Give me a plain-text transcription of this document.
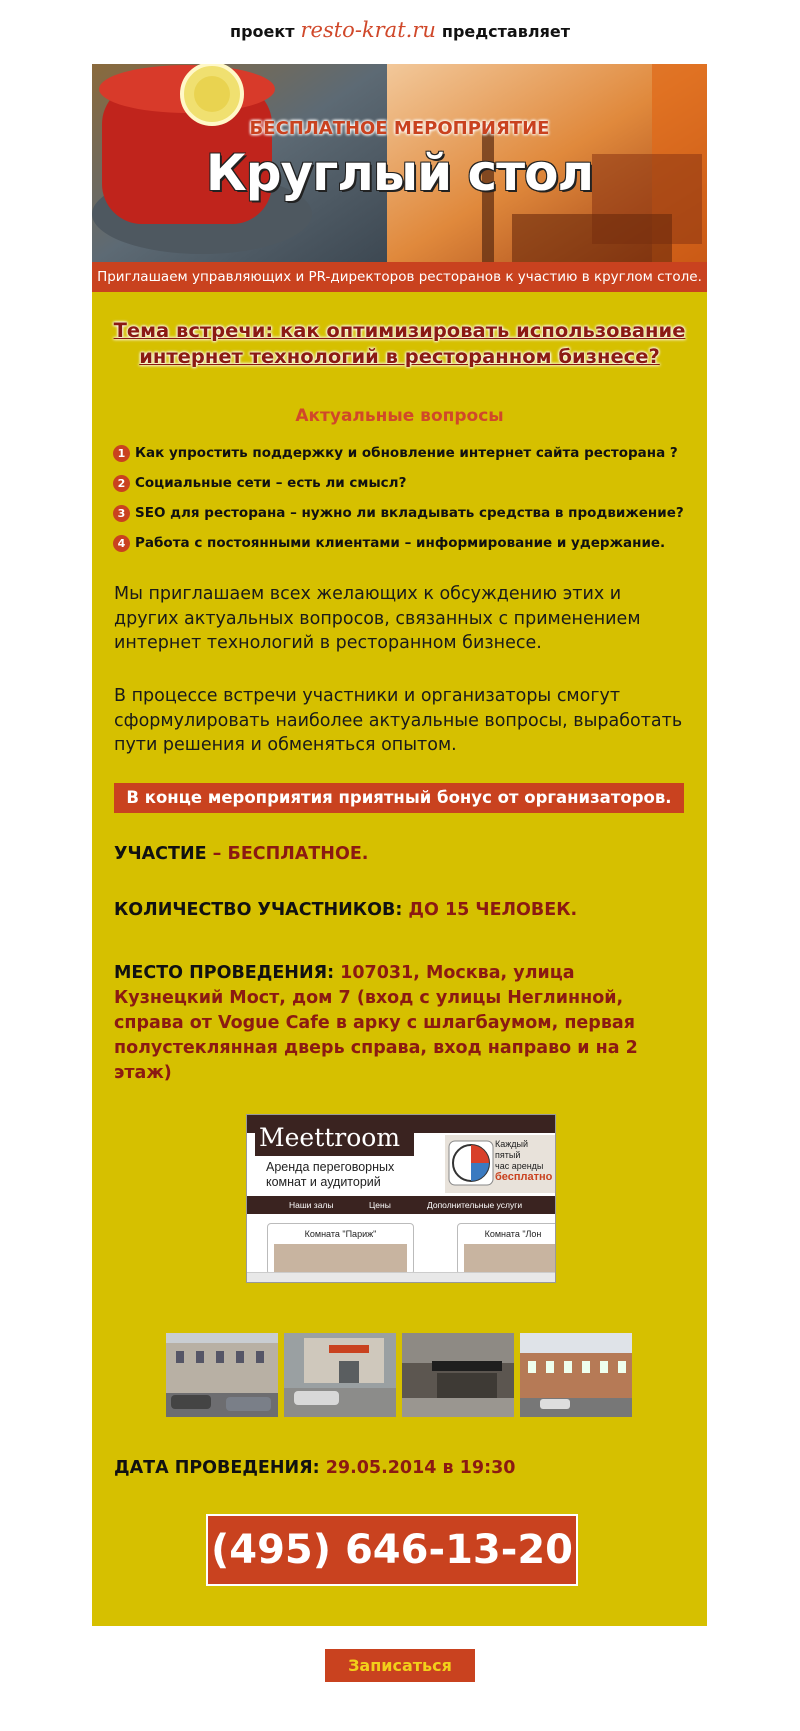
проект resto-krat.ru представляет
БЕСПЛАТНОЕ МЕРОПРИЯТИЕ
Круглый стол
Приглашаем управляющих и PR-директоров ресторанов к участию в круглом столе.
Тема встречи: как оптимизировать использование
интернет технологий в ресторанном бизнесе?
Актуальные вопросы
1 Как упростить поддержку и обновление интернет сайта ресторана ?
2 Социальные сети – есть ли смысл?
3 SEO для ресторана – нужно ли вкладывать средства в продвижение?
4 Работа с постоянными клиентами – информирование и удержание.
Мы приглашаем всех желающих к обсуждению этих и других актуальных вопросов, связанных с применением интернет технологий в ресторанном бизнесе.
В процессе встречи участники и организаторы смогут сформулировать наиболее актуальные вопросы, выработать пути решения и обменяться опытом.
В конце мероприятия приятный бонус от организаторов.
УЧАСТИЕ – БЕСПЛАТНОЕ.
КОЛИЧЕСТВО УЧАСТНИКОВ: ДО 15 ЧЕЛОВЕК.
МЕСТО ПРОВЕДЕНИЯ: 107031, Москва, улица Кузнецкий Мост, дом 7 (вход с улицы Неглинной, справа от Vogue Cafe в арку с шлагбаумом, первая полустеклянная дверь справа, вход направо и на 2 этаж)
Meettroom
Аренда переговорных
комнат и аудиторий
Каждый пятый
час аренды
бесплатно
Наши залы	Цены	Дополнительные услуги
Комната "Париж"	Комната "Лон
ДАТА ПРОВЕДЕНИЯ: 29.05.2014 в 19:30
(495) 646-13-20
Записаться
